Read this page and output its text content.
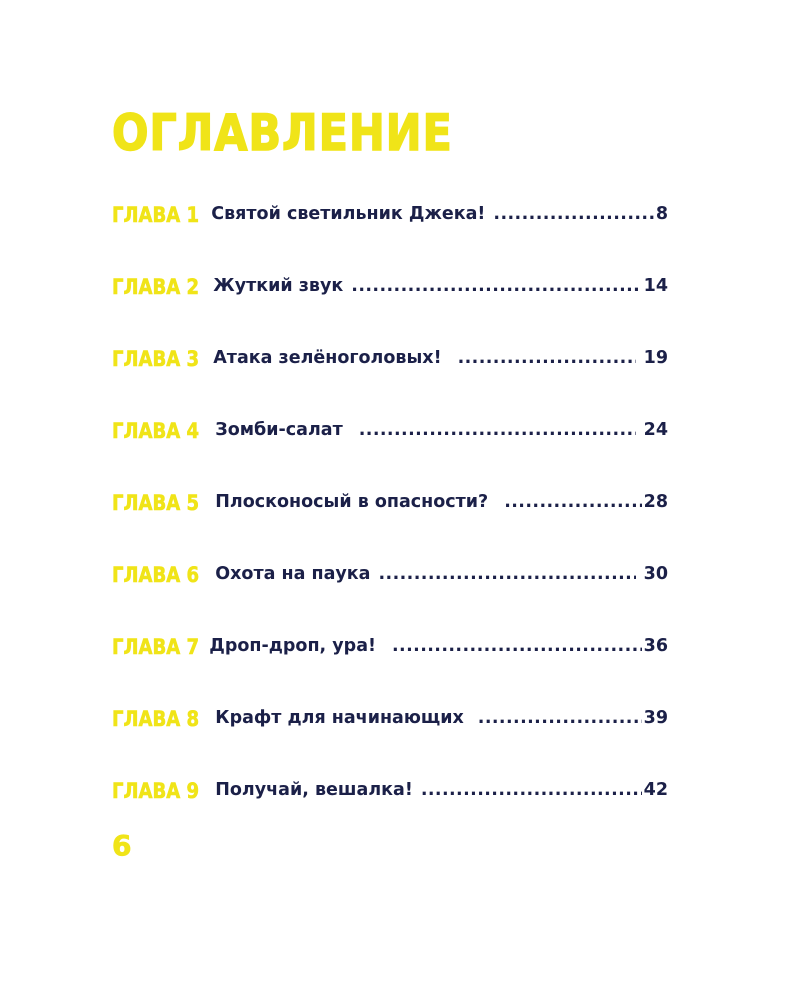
ОГЛАВЛЕНИЕ
ГЛАВА 1 Святой светильник Джека! .....	8
ГЛАВА 2 Жуткий звук .....	14
ГЛАВА 3 Атака зелёноголовых! .....	19
ГЛАВА 4 Зомби-салат .....	24
ГЛАВА 5 Плосконосый в опасности? .....	28
ГЛАВА 6 Охота на паука .....	30
ГЛАВА 7 Дроп-дроп, ура! .....	36
ГЛАВА 8 Крафт для начинающих .....	39
ГЛАВА 9 Получай, вешалка! .....	42
6
